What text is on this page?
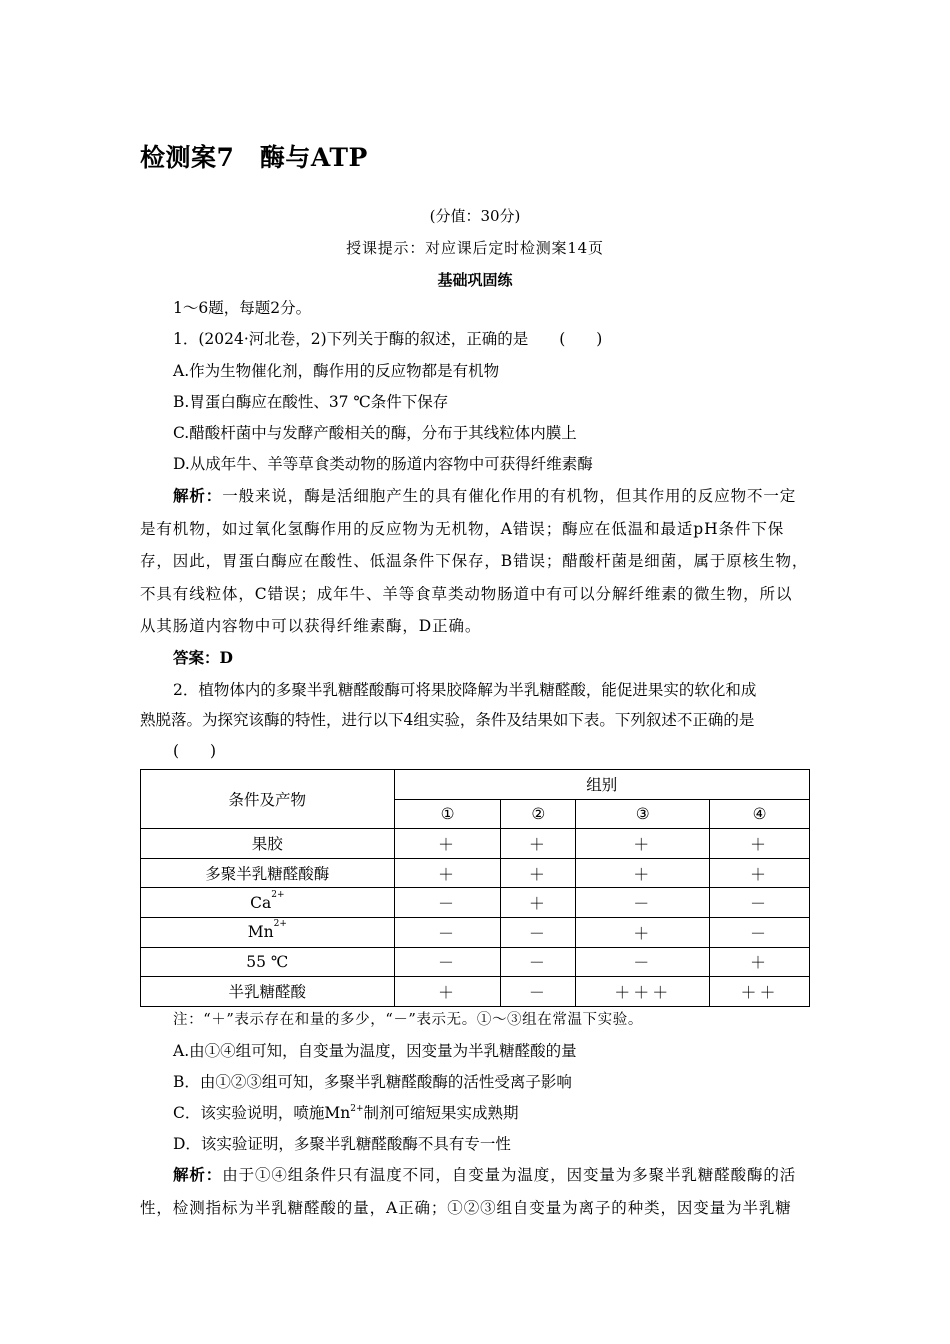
检测案7　酶与ATP
(分值：30分)
授课提示：对应课后定时检测案14页
基础巩固练
1～6题，每题2分。
1．(2024·河北卷，2)下列关于酶的叙述，正确的是　　(　　)
A.作为生物催化剂，酶作用的反应物都是有机物
B.胃蛋白酶应在酸性、37 ℃条件下保存
C.醋酸杆菌中与发酵产酸相关的酶，分布于其线粒体内膜上
D.从成年牛、羊等草食类动物的肠道内容物中可获得纤维素酶
解析：一般来说，酶是活细胞产生的具有催化作用的有机物，但其作用的反应物不一定
是有机物，如过氧化氢酶作用的反应物为无机物，A错误；酶应在低温和最适pH条件下保
存，因此，胃蛋白酶应在酸性、低温条件下保存，B错误；醋酸杆菌是细菌，属于原核生物，
不具有线粒体，C错误；成年牛、羊等食草类动物肠道中有可以分解纤维素的微生物，所以
从其肠道内容物中可以获得纤维素酶，D正确。
答案：D
2．植物体内的多聚半乳糖醛酸酶可将果胶降解为半乳糖醛酸，能促进果实的软化和成
熟脱落。为探究该酶的特性，进行以下4组实验，条件及结果如下表。下列叙述不正确的是
(　　)
条件及产物	组别			
	①	②	③	④
果胶	＋	＋	＋	＋
多聚半乳糖醛酸酶	＋	＋	＋	＋
$Ca^{2+}$	－	＋	－	－
$Mn^{2+}$	－	－	＋	－
55 ℃	－	－	－	＋
半乳糖醛酸	＋	－	＋＋＋	＋＋
注：“＋”表示存在和量的多少，“－”表示无。①～③组在常温下实验。
A.由①④组可知，自变量为温度，因变量为半乳糖醛酸的量
B．由①②③组可知，多聚半乳糖醛酸酶的活性受离子影响
C．该实验说明，喷施$Mn^{2+}$制剂可缩短果实成熟期
D．该实验证明，多聚半乳糖醛酸酶不具有专一性
解析：由于①④组条件只有温度不同，自变量为温度，因变量为多聚半乳糖醛酸酶的活
性，检测指标为半乳糖醛酸的量，A正确；①②③组自变量为离子的种类，因变量为半乳糖
